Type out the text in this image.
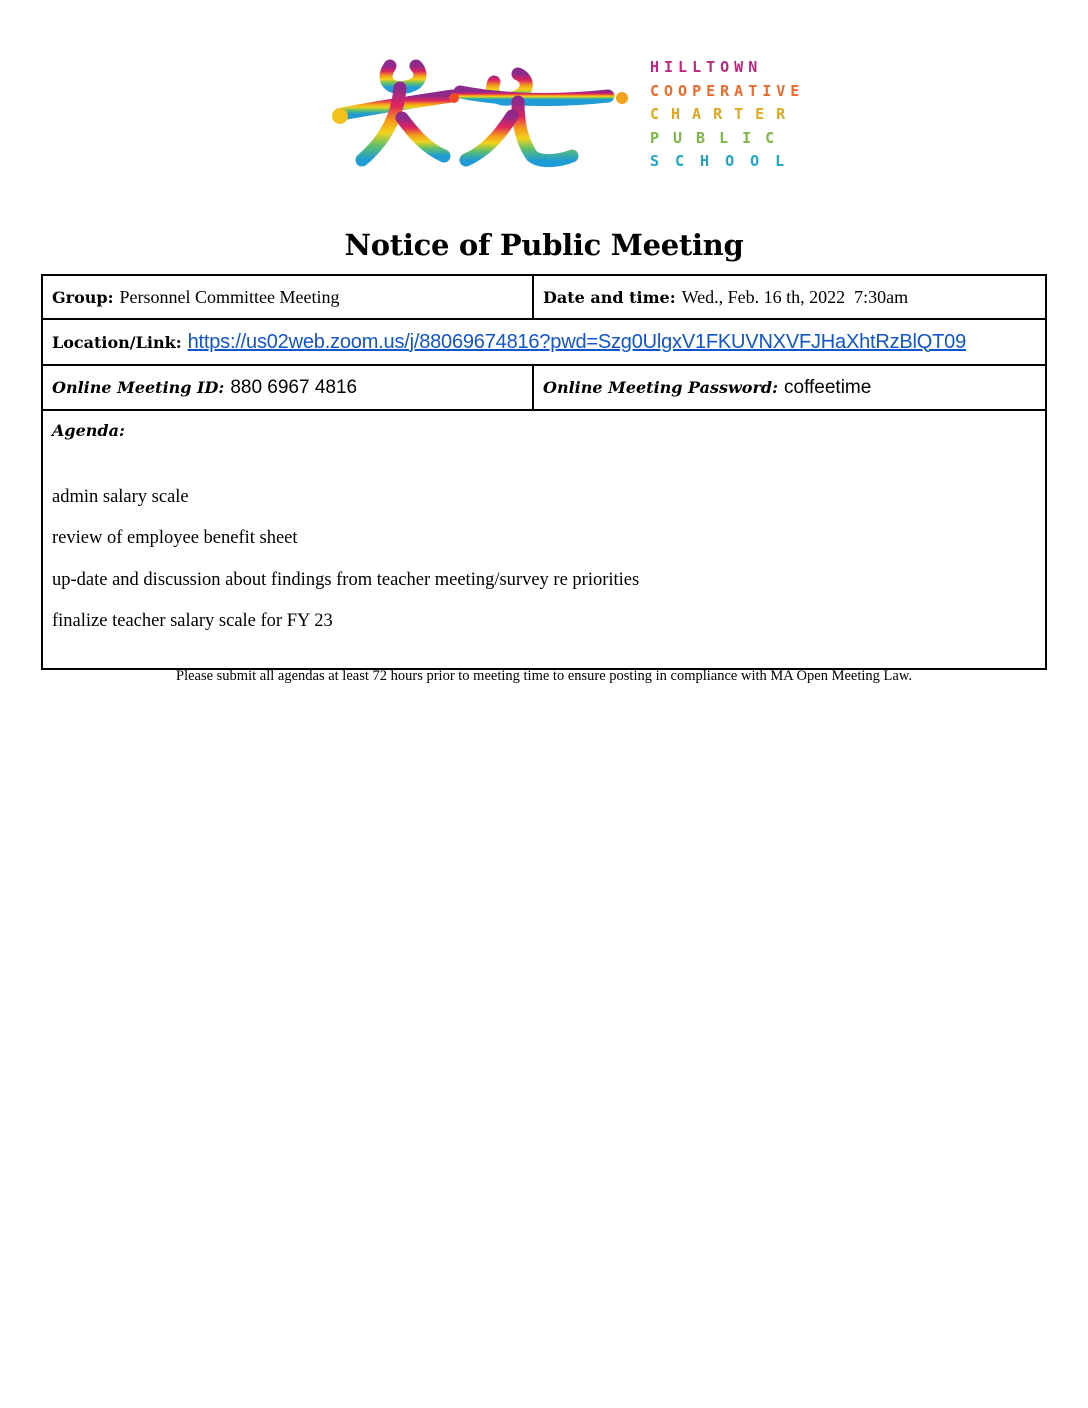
HILLTOWN
COOPERATIVE
CHARTER
PUBLIC
SCHOOL
Notice of Public Meeting
Group: Personnel Committee Meeting	Date and time: Wed., Feb. 16 th, 2022  7:30am
Location/Link: https://us02web.zoom.us/j/88069674816?pwd=Szg0UlgxV1FKUVNXVFJHaXhtRzBlQT09
Online Meeting ID: 880 6967 4816	Online Meeting Password: coffeetime
Agenda:
admin salary scale
review of employee benefit sheet
up-date and discussion about findings from teacher meeting/survey re priorities
finalize teacher salary scale for FY 23
Please submit all agendas at least 72 hours prior to meeting time to ensure posting in compliance with MA Open Meeting Law.
